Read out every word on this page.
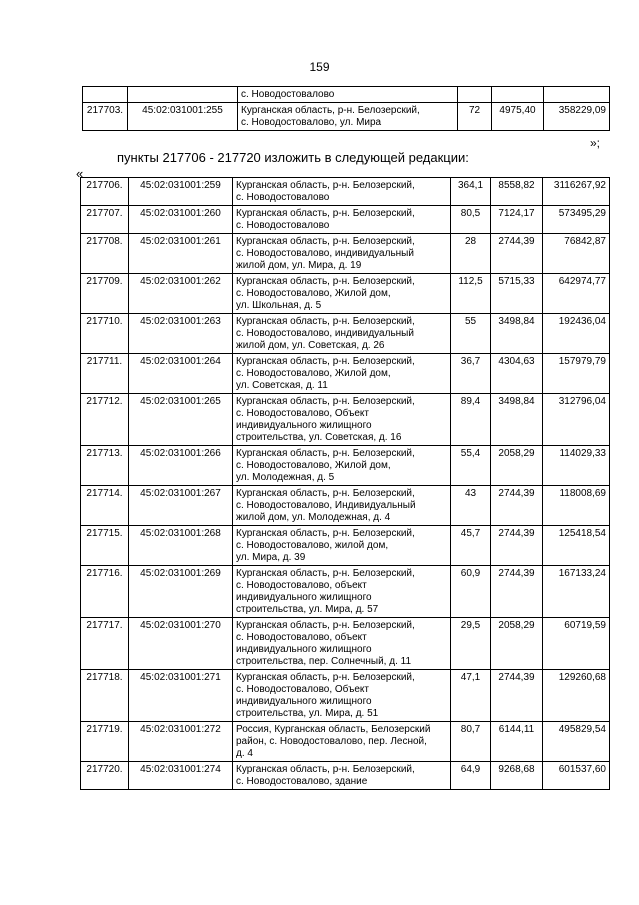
159
		с. Новодостовалово			
217703.	45:02:031001:255	Курганская область, р-н. Белозерский,
с. Новодостовалово, ул. Мира	72	4975,40	358229,09
»;
пункты 217706 - 217720 изложить в следующей редакции:
«
217706.	45:02:031001:259	Курганская область, р-н. Белозерский,
с. Новодостовалово	364,1	8558,82	3116267,92
217707.	45:02:031001:260	Курганская область, р-н. Белозерский,
с. Новодостовалово	80,5	7124,17	573495,29
217708.	45:02:031001:261	Курганская область, р-н. Белозерский,
с. Новодостовалово, индивидуальный
жилой дом, ул. Мира, д. 19	28	2744,39	76842,87
217709.	45:02:031001:262	Курганская область, р-н. Белозерский,
с. Новодостовалово, Жилой дом,
ул. Школьная, д. 5	112,5	5715,33	642974,77
217710.	45:02:031001:263	Курганская область, р-н. Белозерский,
с. Новодостовалово, индивидуальный
жилой дом, ул. Советская, д. 26	55	3498,84	192436,04
217711.	45:02:031001:264	Курганская область, р-н. Белозерский,
с. Новодостовалово, Жилой дом,
ул. Советская, д. 11	36,7	4304,63	157979,79
217712.	45:02:031001:265	Курганская область, р-н. Белозерский,
с. Новодостовалово, Объект
индивидуального жилищного
строительства, ул. Советская, д. 16	89,4	3498,84	312796,04
217713.	45:02:031001:266	Курганская область, р-н. Белозерский,
с. Новодостовалово, Жилой дом,
ул. Молодежная, д. 5	55,4	2058,29	114029,33
217714.	45:02:031001:267	Курганская область, р-н. Белозерский,
с. Новодостовалово, Индивидуальный
жилой дом, ул. Молодежная, д. 4	43	2744,39	118008,69
217715.	45:02:031001:268	Курганская область, р-н. Белозерский,
с. Новодостовалово, жилой дом,
ул. Мира, д. 39	45,7	2744,39	125418,54
217716.	45:02:031001:269	Курганская область, р-н. Белозерский,
с. Новодостовалово, объект
индивидуального жилищного
строительства, ул. Мира, д. 57	60,9	2744,39	167133,24
217717.	45:02:031001:270	Курганская область, р-н. Белозерский,
с. Новодостовалово, объект
индивидуального жилищного
строительства, пер. Солнечный, д. 11	29,5	2058,29	60719,59
217718.	45:02:031001:271	Курганская область, р-н. Белозерский,
с. Новодостовалово, Объект
индивидуального жилищного
строительства, ул. Мира, д. 51	47,1	2744,39	129260,68
217719.	45:02:031001:272	Россия, Курганская область, Белозерский
район, с. Новодостовалово, пер. Лесной,
д. 4	80,7	6144,11	495829,54
217720.	45:02:031001:274	Курганская область, р-н. Белозерский,
с. Новодостовалово, здание	64,9	9268,68	601537,60
